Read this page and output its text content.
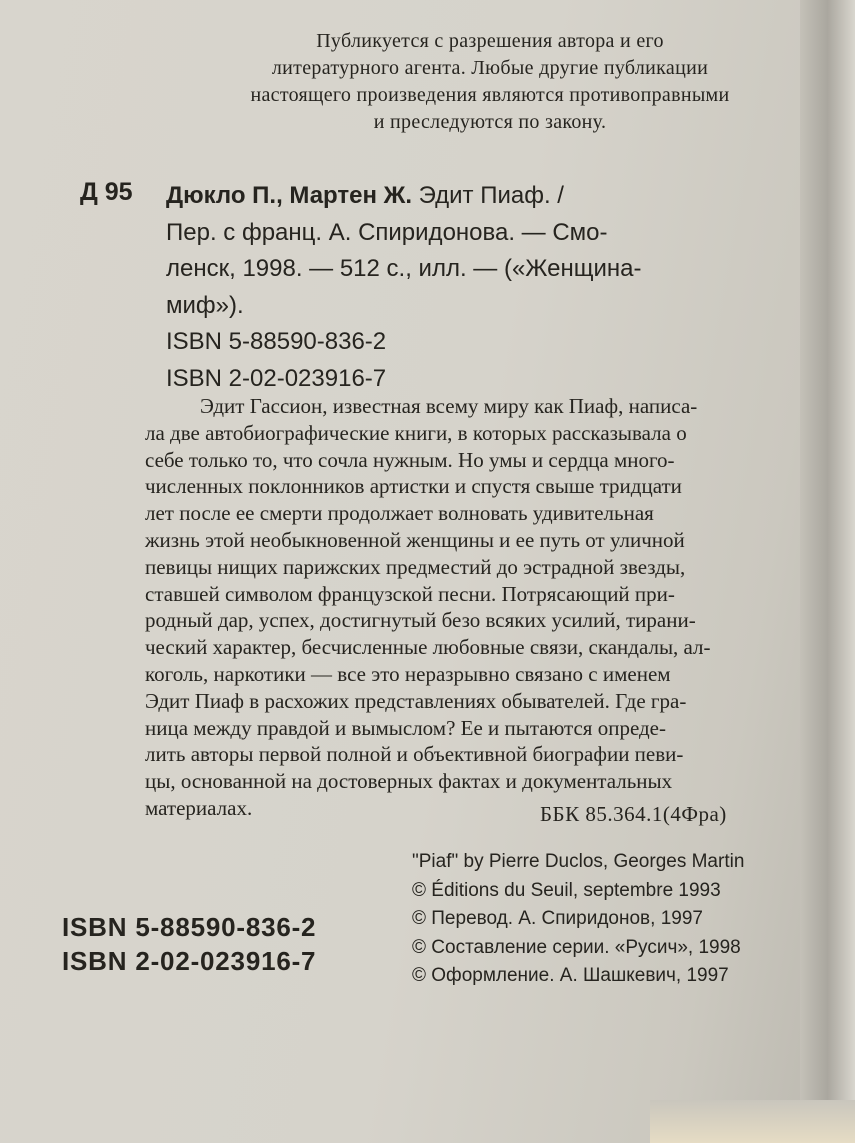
Публикуется с разрешения автора и его
литературного агента. Любые другие публикации
настоящего произведения являются противоправными
и преследуются по закону.
Д 95 Дюкло П., Мартен Ж. Эдит Пиаф. /
Пер. с франц. А. Спиридонова. — Смо-
ленск, 1998. — 512 с., илл. — («Женщина-
миф»).
ISBN 5-88590-836-2
ISBN 2-02-023916-7
Эдит Гассион, известная всему миру как Пиаф, написа-
ла две автобиографические книги, в которых рассказывала о
себе только то, что сочла нужным. Но умы и сердца много-
численных поклонников артистки и спустя свыше тридцати
лет после ее смерти продолжает волновать удивительная
жизнь этой необыкновенной женщины и ее путь от уличной
певицы нищих парижских предместий до эстрадной звезды,
ставшей символом французской песни. Потрясающий при-
родный дар, успех, достигнутый безо всяких усилий, тирани-
ческий характер, бесчисленные любовные связи, скандалы, ал-
коголь, наркотики — все это неразрывно связано с именем
Эдит Пиаф в расхожих представлениях обывателей. Где гра-
ница между правдой и вымыслом? Ее и пытаются опреде-
лить авторы первой полной и объективной биографии певи-
цы, основанной на достоверных фактах и документальных
материалах.	ББК 85.364.1(4Фра)
"Piaf" by Pierre Duclos, Georges Martin
© Éditions du Seuil, septembre 1993
© Перевод. А. Спиридонов, 1997
© Составление серии. «Русич», 1998
© Оформление. А. Шашкевич, 1997
ISBN 5-88590-836-2
ISBN 2-02-023916-7
